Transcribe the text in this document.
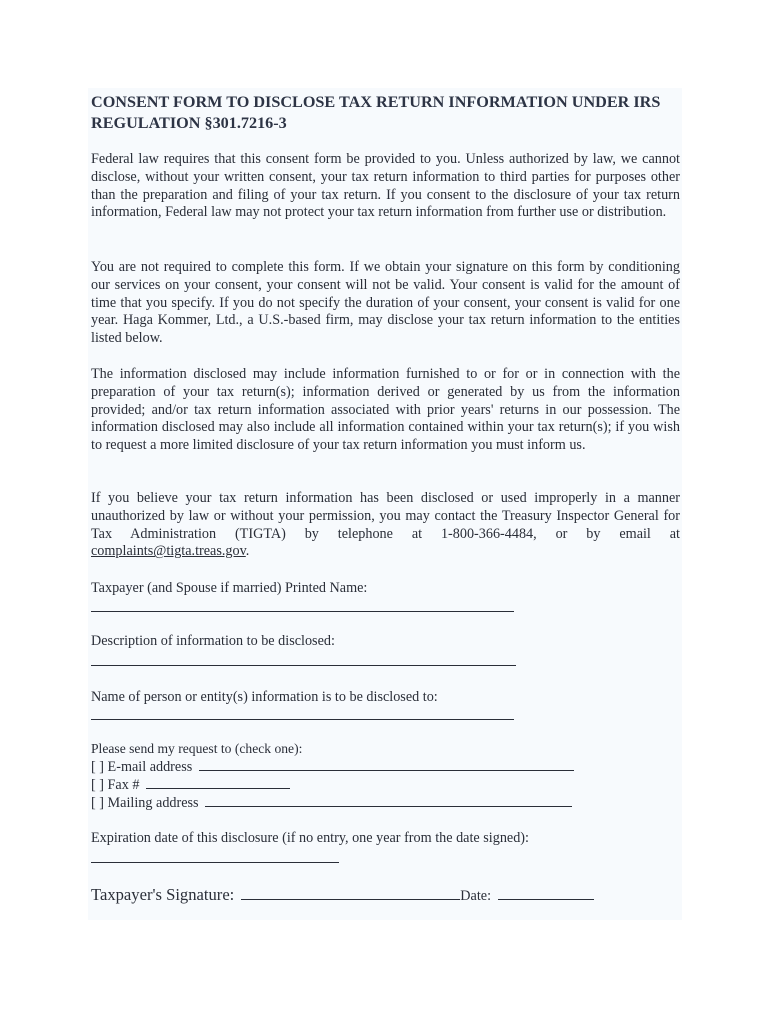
CONSENT FORM TO DISCLOSE TAX RETURN INFORMATION UNDER IRS REGULATION §301.7216-3

Federal law requires that this consent form be provided to you. Unless authorized by law, we cannot disclose, without your written consent, your tax return information to third parties for purposes other than the preparation and filing of your tax return. If you consent to the disclosure of your tax return information, Federal law may not protect your tax return information from further use or distribution.

You are not required to complete this form. If we obtain your signature on this form by conditioning our services on your consent, your consent will not be valid. Your consent is valid for the amount of time that you specify. If you do not specify the duration of your consent, your consent is valid for one year. Haga Kommer, Ltd., a U.S.-based firm, may disclose your tax return information to the entities listed below.

The information disclosed may include information furnished to or for or in connection with the preparation of your tax return(s); information derived or generated by us from the information provided; and/or tax return information associated with prior years' returns in our possession. The information disclosed may also include all information contained within your tax return(s); if you wish to request a more limited disclosure of your tax return information you must inform us.

If you believe your tax return information has been disclosed or used improperly in a manner unauthorized by law or without your permission, you may contact the Treasury Inspector General for Tax Administration (TIGTA) by telephone at 1-800-366-4484, or by email at complaints@tigta.treas.gov.

Taxpayer (and Spouse if married) Printed Name:
Description of information to be disclosed:
Name of person or entity(s) information is to be disclosed to:
Please send my request to (check one):
[ ] E-mail address
[ ] Fax #
[ ] Mailing address
Expiration date of this disclosure (if no entry, one year from the date signed):
Taxpayer's Signature:	Date:
